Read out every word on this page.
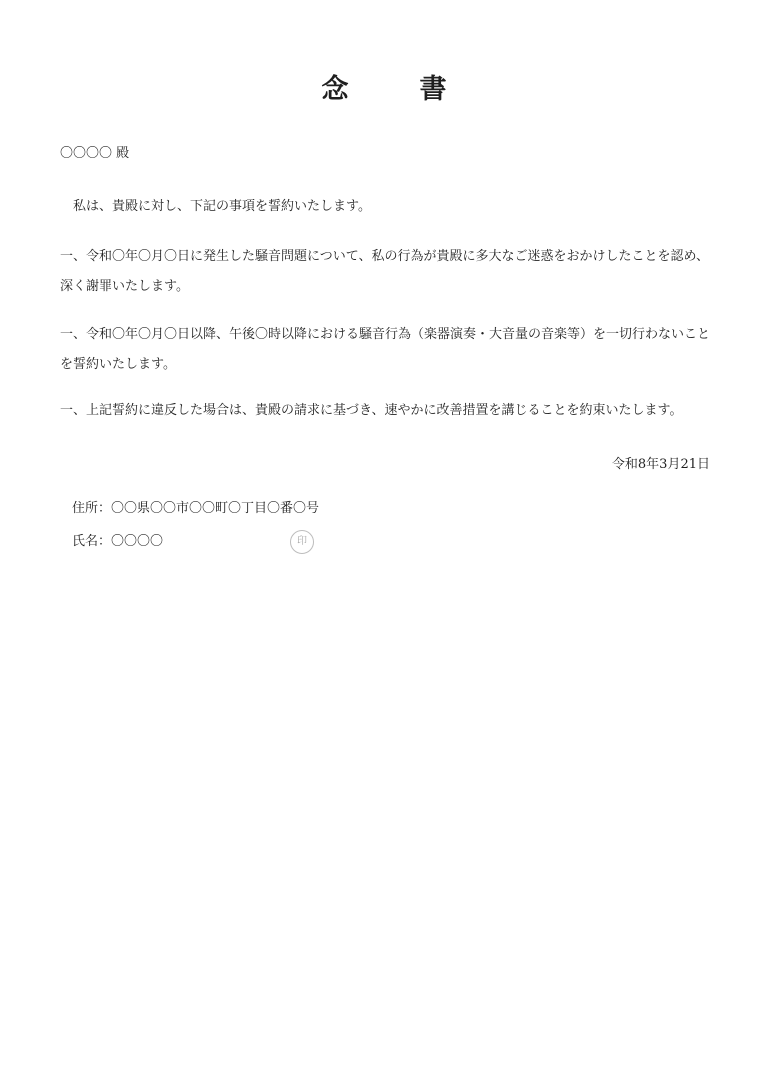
念　書
〇〇〇〇 殿
　私は、貴殿に対し、下記の事項を誓約いたします。

一、令和〇年〇月〇日に発生した騒音問題について、私の行為が貴殿に多大なご迷惑をおかけしたことを認め、深く謝罪いたします。

一、令和〇年〇月〇日以降、午後〇時以降における騒音行為（楽器演奏・大音量の音楽等）を一切行わないことを誓約いたします。

一、上記誓約に違反した場合は、貴殿の請求に基づき、速やかに改善措置を講じることを約束いたします。

令和8年3月21日
住所：〇〇県〇〇市〇〇町〇丁目〇番〇号
氏名：〇〇〇〇	印
